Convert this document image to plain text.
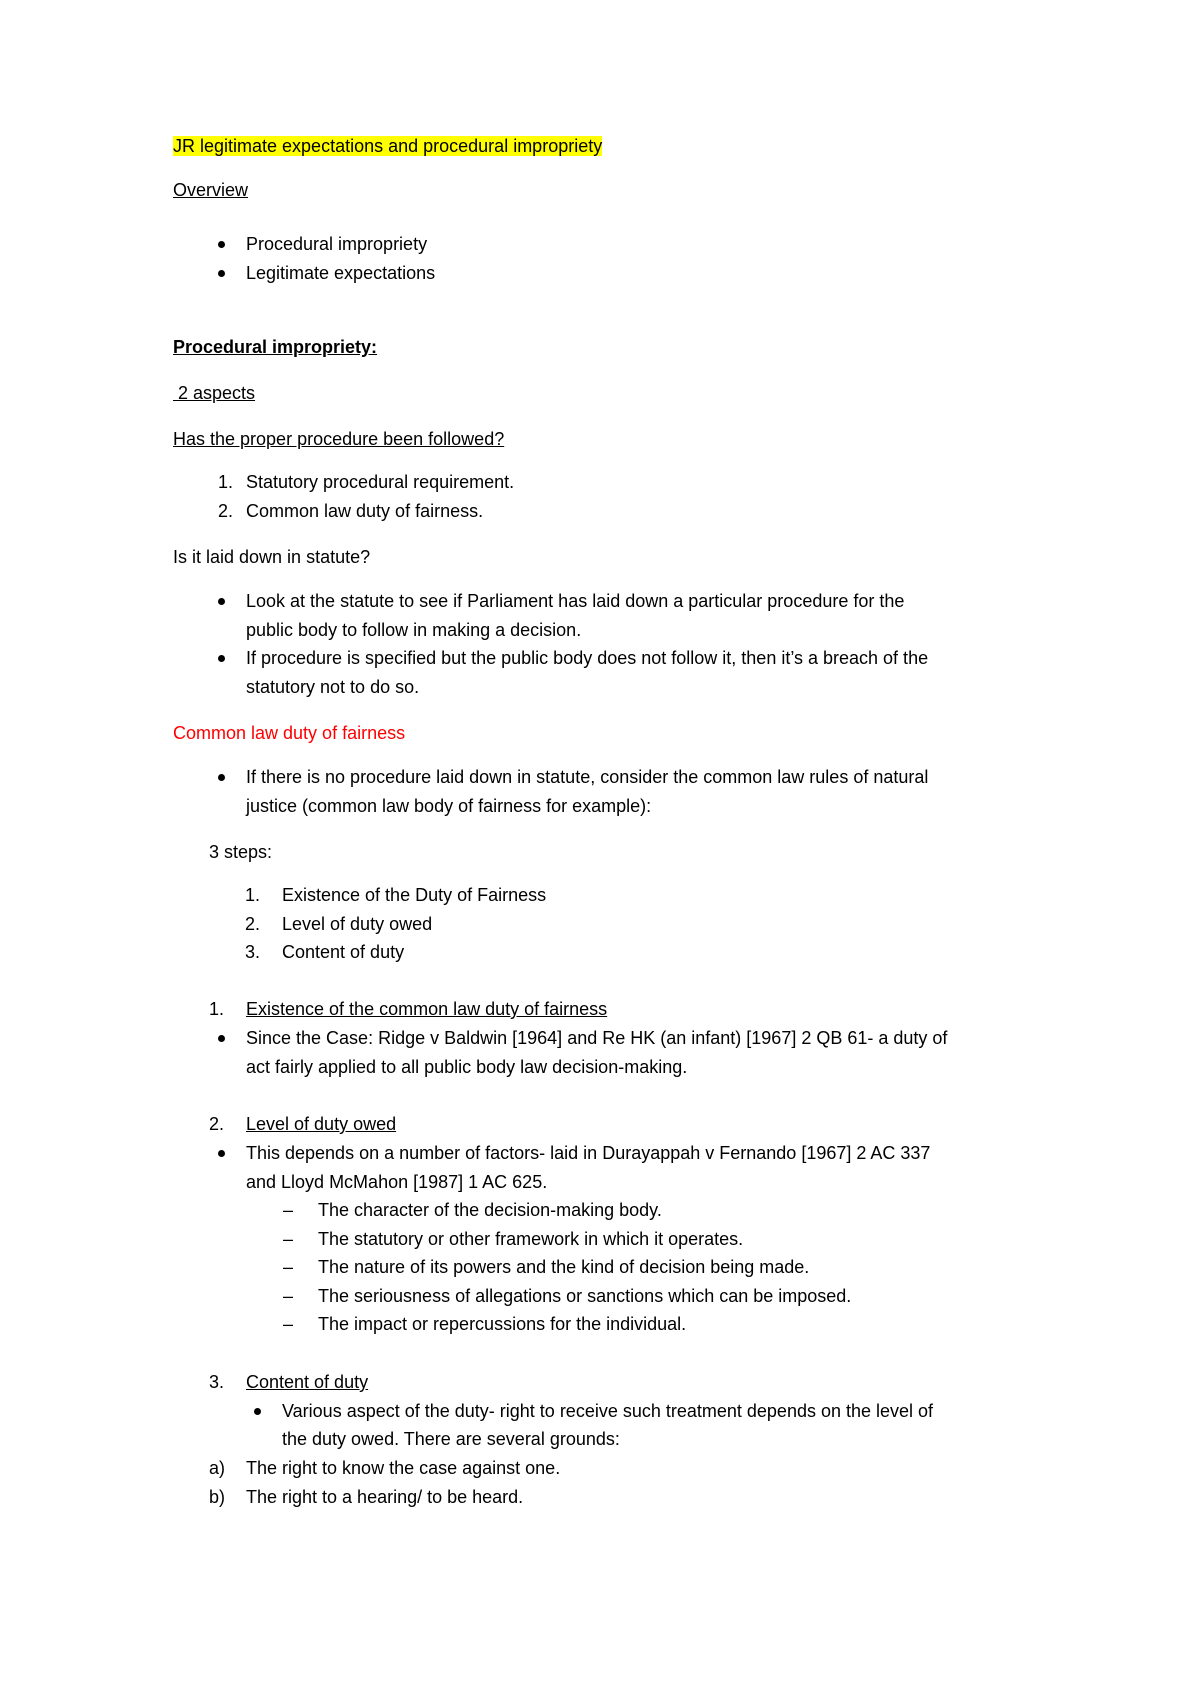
JR legitimate expectations and procedural impropriety
Overview
Procedural impropriety
Legitimate expectations
Procedural impropriety:
2 aspects
Has the proper procedure been followed?
1. Statutory procedural requirement.
2. Common law duty of fairness.
Is it laid down in statute?
Look at the statute to see if Parliament has laid down a particular procedure for the
public body to follow in making a decision.
If procedure is specified but the public body does not follow it, then it’s a breach of the
statutory not to do so.
Common law duty of fairness
If there is no procedure laid down in statute, consider the common law rules of natural
justice (common law body of fairness for example):
3 steps:
1. Existence of the Duty of Fairness
2. Level of duty owed
3. Content of duty
1. Existence of the common law duty of fairness
Since the Case: Ridge v Baldwin [1964] and Re HK (an infant) [1967] 2 QB 61- a duty of
act fairly applied to all public body law decision-making.
2. Level of duty owed
This depends on a number of factors- laid in Durayappah v Fernando [1967] 2 AC 337
and Lloyd McMahon [1987] 1 AC 625.
– The character of the decision-making body.
– The statutory or other framework in which it operates.
– The nature of its powers and the kind of decision being made.
– The seriousness of allegations or sanctions which can be imposed.
– The impact or repercussions for the individual.
3. Content of duty
Various aspect of the duty- right to receive such treatment depends on the level of
the duty owed. There are several grounds:
a) The right to know the case against one.
b) The right to a hearing/ to be heard.
